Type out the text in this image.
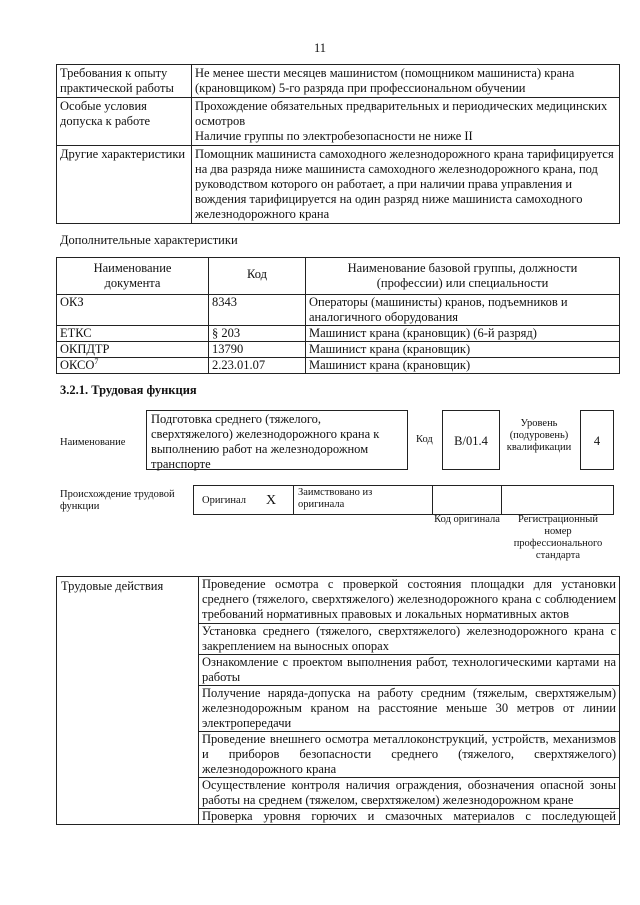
11
Требования к опыту практической работы	Не менее шести месяцев машинистом (помощником машиниста) крана (крановщиком) 5-го разряда при профессиональном обучении
Особые условия допуска к работе	Прохождение обязательных предварительных и периодических медицинских осмотров
Наличие группы по электробезопасности не ниже II

Другие характеристики	Помощник машиниста самоходного железнодорожного крана тарифицируется на два разряда ниже машиниста самоходного железнодорожного крана, под руководством которого он работает, а при наличии права управления и вождения тарифицируется на один разряд ниже машиниста самоходного железнодорожного крана
Дополнительные характеристики
Наименование документа	Код	Наименование базовой группы, должности (профессии) или специальности
ОКЗ	8343	Операторы (машинисты) кранов, подъемников и аналогичного оборудования
ЕТКС	§ 203	Машинист крана (крановщик) (6-й разряд)
ОКПДТР	13790	Машинист крана (крановщик)
ОКСО$^7$	2.23.01.07	Машинист крана (крановщик)
3.2.1. Трудовая функция
Наименование
Подготовка среднего (тяжелого, сверхтяжелого) железнодорожного крана к выполнению работ на железнодорожном транспорте
Код	B/01.4
Уровень (подуровень) квалификации	4
Происхождение трудовой функции
Оригинал X
Заимствовано из оригинала
Код оригинала	Регистрационный номер профессионального стандарта
Трудовые действия	Проведение осмотра с проверкой состояния площадки для установки среднего (тяжелого, сверхтяжелого) железнодорожного крана с соблюдением требований нормативных правовых и локальных нормативных актов
Установка среднего (тяжелого, сверхтяжелого) железнодорожного крана с закреплением на выносных опорах
Ознакомление с проектом выполнения работ, технологическими картами на работы
Получение наряда-допуска на работу средним (тяжелым, сверхтяжелым) железнодорожным краном на расстояние меньше 30 метров от линии электропередачи
Проведение внешнего осмотра металлоконструкций, устройств, механизмов и приборов безопасности среднего (тяжелого, сверхтяжелого) железнодорожного крана
Осуществление контроля наличия ограждения, обозначения опасной зоны работы на среднем (тяжелом, сверхтяжелом) железнодорожном кране
Проверка уровня горючих и смазочных материалов с последующей
